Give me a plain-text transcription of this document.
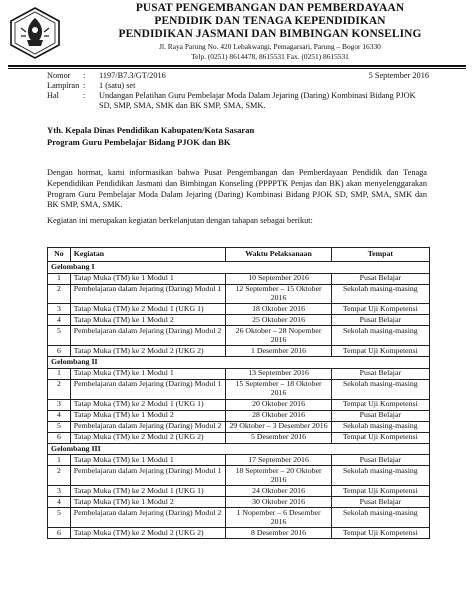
PUSAT PENGEMBANGAN DAN PEMBERDAYAAN
PENDIDIK DAN TENAGA KEPENDIDIKAN
PENDIDIKAN JASMANI DAN BIMBINGAN KONSELING
Jl. Raya Parung No. 420 Lebakwangi, Pemagarsari, Parung – Bogor 16330
Telp. (0251) 8614478, 8615531 Fax. (0251) 8615531
Nomor	:	1197/B7.3/GT/2016	5 September 2016
Lampiran :	1 (satu) set
Hal	:	Undangan Pelatihan Guru Pembelajar Moda Dalam Jejaring (Daring) Kombinasi Bidang PJOK SD, SMP, SMA, SMK dan BK SMP, SMA, SMK.
Yth. Kepala Dinas Pendidikan Kabupaten/Kota Sasaran
Program Guru Pembelajar Bidang PJOK dan BK

Dengan hormat, kami informasikan bahwa Pusat Pengembangan dan Pemberdayaan Pendidik dan Tenaga Kependidikan Pendidikan Jasmani dan Bimbingan Konseling (PPPPTK Penjas dan BK) akan menyelenggarakan Program Guru Pembelajar Moda Dalam Jejaring (Daring) Kombinasi Bidang PJOK SD, SMP, SMA, SMK dan BK SMP, SMA, SMK.

Kegiatan ini merupakan kegiatan berkelanjutan dengan tahapan sebagai berikut:

No	Kegiatan	Waktu Pelaksanaan	Tempat
Gelombang I			
1	Tatap Muka (TM) ke 1 Modul 1	10 September 2016	Pusat Belajar
2	Pembelajaran dalam Jejaring (Daring) Modul 1	12 September – 15 Oktober 2016	Sekolah masing-masing
3	Tatap Muka (TM) ke 2 Modul 1 (UKG 1)	18 Oktober 2016	Tempat Uji Kompetensi
4	Tatap Muka (TM) ke 1 Modul 2	25 Oktober 2016	Pusat Belajar
5	Pembelajaran dalam Jejaring (Daring) Modul 2	26 Oktober – 28 Nopember 2016	Sekolah masing-masing
6	Tatap Muka (TM) ke 2 Modul 2 (UKG 2)	1 Desember 2016	Tempat Uji Kompetensi
Gelombang II			
1	Tatap Muka (TM) ke 1 Modul 1	13 September 2016	Pusat Belajar
2	Pembelajaran dalam Jejaring (Daring) Modul 1	15 September – 18 Oktober 2016	Sekolah masing-masing
3	Tatap Muka (TM) ke 2 Modul 1 (UKG 1)	20 Oktober 2016	Tempat Uji Kompetensi
4	Tatap Muka (TM) ke 1 Modul 2	28 Oktober 2016	Pusat Belajar
5	Pembelajaran dalam Jejaring (Daring) Modul 2	29 Oktober – 3 Desember 2016	Sekolah masing-masing
6	Tatap Muka (TM) ke 2 Modul 2 (UKG 2)	5 Desember 2016	Tempat Uji Kompetensi
Gelombang III			
1	Tatap Muka (TM) ke 1 Modul 1	17 September 2016	Pusat Belajar
2	Pembelajaran dalam Jejaring (Daring) Modul 1	18 September – 20 Oktober 2016	Sekolah masing-masing
3	Tatap Muka (TM) ke 2 Modul 1 (UKG 1)	24 Oktober 2016	Tempat Uji Kompetensi
4	Tatap Muka (TM) ke 1 Modul 2	30 Oktober 2016	Pusat Belajar
5	Pembelajaran dalam Jejaring (Daring) Modul 2	1 Nopember – 6 Desember 2016	Sekolah masing-masing
6	Tatap Muka (TM) ke 2 Modul 2 (UKG 2)	8 Desember 2016	Tempat Uji Kompetensi
